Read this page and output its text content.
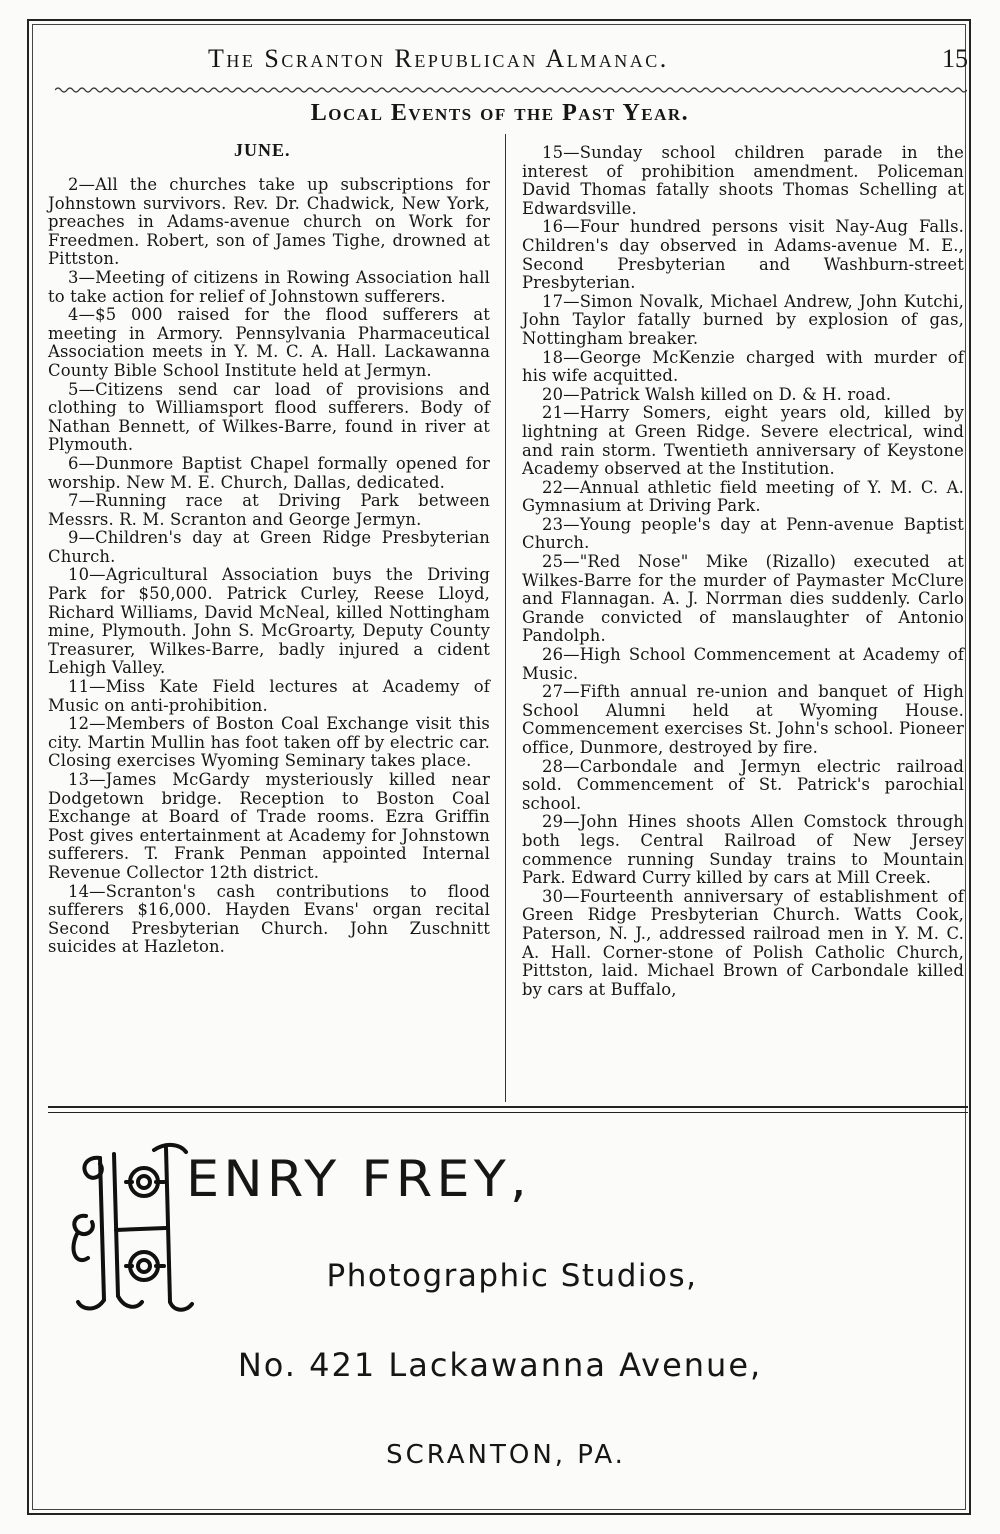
The Scranton Republican Almanac.	15
Local Events of the Past Year.
JUNE.

2—All the churches take up subscriptions for Johnstown survivors. Rev. Dr. Chadwick, New York, preaches in Adams-avenue church on Work for Freedmen. Robert, son of James Tighe, drowned at Pittston.

3—Meeting of citizens in Rowing Association hall to take action for relief of Johnstown sufferers.

4—$5 000 raised for the flood sufferers at meeting in Armory. Pennsylvania Pharmaceutical Association meets in Y. M. C. A. Hall. Lackawanna County Bible School Institute held at Jermyn.

5—Citizens send car load of provisions and clothing to Williamsport flood sufferers. Body of Nathan Bennett, of Wilkes-Barre, found in river at Plymouth.

6—Dunmore Baptist Chapel formally opened for worship. New M. E. Church, Dallas, dedicated.

7—Running race at Driving Park between Messrs. R. M. Scranton and George Jermyn.

9—Children's day at Green Ridge Presbyterian Church.

10—Agricultural Association buys the Driving Park for $50,000. Patrick Curley, Reese Lloyd, Richard Williams, David McNeal, killed Nottingham mine, Plymouth. John S. McGroarty, Deputy County Treasurer, Wilkes-Barre, badly injured a cident Lehigh Valley.

11—Miss Kate Field lectures at Academy of Music on anti-prohibition.

12—Members of Boston Coal Exchange visit this city. Martin Mullin has foot taken off by electric car. Closing exercises Wyoming Seminary takes place.

13—James McGardy mysteriously killed near Dodgetown bridge. Reception to Boston Coal Exchange at Board of Trade rooms. Ezra Griffin Post gives entertainment at Academy for Johnstown sufferers. T. Frank Penman appointed Internal Revenue Collector 12th district.

14—Scranton's cash contributions to flood sufferers $16,000. Hayden Evans' organ recital Second Presbyterian Church. John Zuschnitt suicides at Hazleton.

15—Sunday school children parade in the interest of prohibition amendment. Policeman David Thomas fatally shoots Thomas Schelling at Edwardsville.

16—Four hundred persons visit Nay-Aug Falls. Children's day observed in Adams-avenue M. E., Second Presbyterian and Washburn-street Presbyterian.

17—Simon Novalk, Michael Andrew, John Kutchi, John Taylor fatally burned by explosion of gas, Nottingham breaker.

18—George McKenzie charged with murder of his wife acquitted.

20—Patrick Walsh killed on D. & H. road.

21—Harry Somers, eight years old, killed by lightning at Green Ridge. Severe electrical, wind and rain storm. Twentieth anniversary of Keystone Academy observed at the Institution.

22—Annual athletic field meeting of Y. M. C. A. Gymnasium at Driving Park.

23—Young people's day at Penn-avenue Baptist Church.

25—"Red Nose" Mike (Rizallo) executed at Wilkes-Barre for the murder of Paymaster McClure and Flannagan. A. J. Norrman dies suddenly. Carlo Grande convicted of manslaughter of Antonio Pandolph.

26—High School Commencement at Academy of Music.

27—Fifth annual re-union and banquet of High School Alumni held at Wyoming House. Commencement exercises St. John's school. Pioneer office, Dunmore, destroyed by fire.

28—Carbondale and Jermyn electric railroad sold. Commencement of St. Patrick's parochial school.

29—John Hines shoots Allen Comstock through both legs. Central Railroad of New Jersey commence running Sunday trains to Mountain Park. Edward Curry killed by cars at Mill Creek.

30—Fourteenth anniversary of establishment of Green Ridge Presbyterian Church. Watts Cook, Paterson, N. J., addressed railroad men in Y. M. C. A. Hall. Corner-stone of Polish Catholic Church, Pittston, laid. Michael Brown of Carbondale killed by cars at Buffalo,

ENRY FREY,
Photographic Studios,
No. 421 Lackawanna Avenue,
SCRANTON, PA.
